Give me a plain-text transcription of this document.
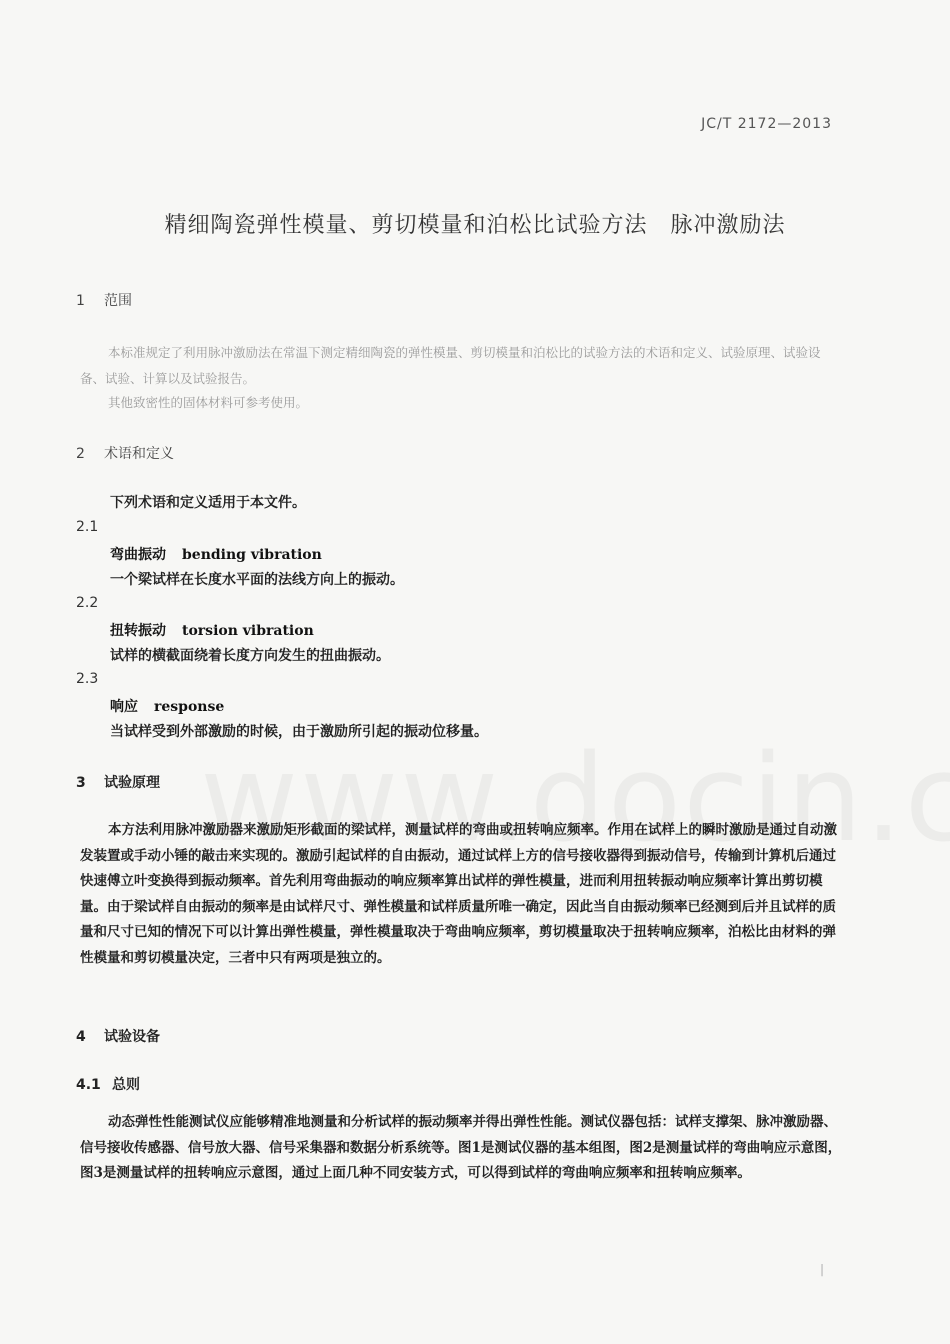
JC/T 2172—2013
精细陶瓷弹性模量、剪切模量和泊松比试验方法　脉冲激励法
1 范围
本标准规定了利用脉冲激励法在常温下测定精细陶瓷的弹性模量、剪切模量和泊松比的试验方法的术语和定义、试验原理、试验设备、试验、计算以及试验报告。
其他致密性的固体材料可参考使用。
2 术语和定义
下列术语和定义适用于本文件。
2.1
弯曲振动 bending vibration
一个梁试样在长度水平面的法线方向上的振动。
2.2
扭转振动 torsion vibration
试样的横截面绕着长度方向发生的扭曲振动。
2.3
响应 response
当试样受到外部激励的时候，由于激励所引起的振动位移量。
3 试验原理
本方法利用脉冲激励器来激励矩形截面的梁试样，测量试样的弯曲或扭转响应频率。作用在试样上的瞬时激励是通过自动激发装置或手动小锤的敲击来实现的。激励引起试样的自由振动，通过试样上方的信号接收器得到振动信号，传输到计算机后通过快速傅立叶变换得到振动频率。首先利用弯曲振动的响应频率算出试样的弹性模量，进而利用扭转振动响应频率计算出剪切模量。由于梁试样自由振动的频率是由试样尺寸、弹性模量和试样质量所唯一确定，因此当自由振动频率已经测到后并且试样的质量和尺寸已知的情况下可以计算出弹性模量，弹性模量取决于弯曲响应频率，剪切模量取决于扭转响应频率，泊松比由材料的弹性模量和剪切模量决定，三者中只有两项是独立的。
4 试验设备
4.1 总则
动态弹性性能测试仪应能够精准地测量和分析试样的振动频率并得出弹性性能。测试仪器包括：试样支撑架、脉冲激励器、信号接收传感器、信号放大器、信号采集器和数据分析系统等。图1是测试仪器的基本组图，图2是测量试样的弯曲响应示意图，图3是测量试样的扭转响应示意图，通过上面几种不同安装方式，可以得到试样的弯曲响应频率和扭转响应频率。
|
